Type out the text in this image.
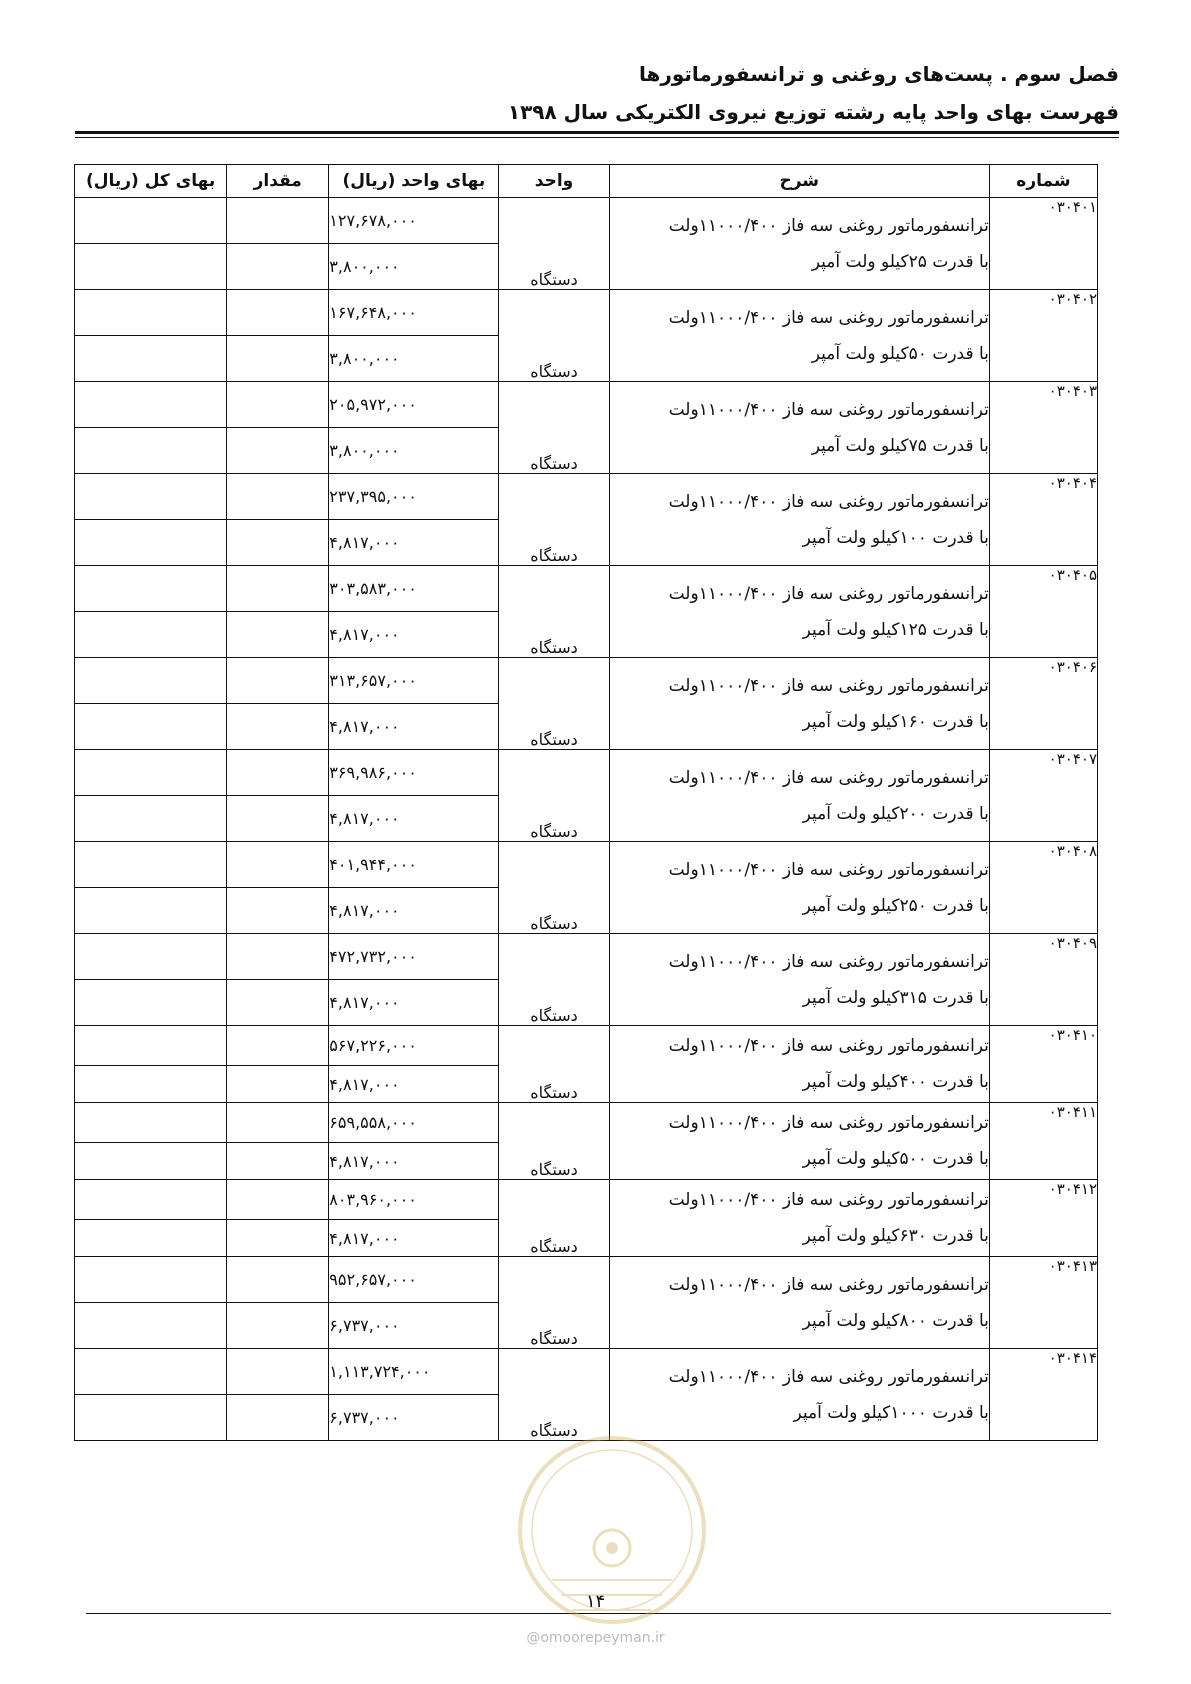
فصل سوم . پست‌های روغنی و ترانسفورماتورها
فهرست بهای واحد پایه رشته توزیع نیروی الکتریکی سال ۱۳۹۸
شماره	شرح	واحد	بهای واحد (ریال)	مقدار	بهای کل (ریال)
۰۳۰۴۰۱	ترانسفورماتور روغنی سه فاز ۱۱۰۰۰/۴۰۰ولت
با قدرت ۲۵کیلو ولت آمپر	دستگاه	۱۲۷,۶۷۸,۰۰۰		
			۳,۸۰۰,۰۰۰		
۰۳۰۴۰۲	ترانسفورماتور روغنی سه فاز ۱۱۰۰۰/۴۰۰ولت
با قدرت ۵۰کیلو ولت آمپر	دستگاه	۱۶۷,۶۴۸,۰۰۰		
			۳,۸۰۰,۰۰۰		
۰۳۰۴۰۳	ترانسفورماتور روغنی سه فاز ۱۱۰۰۰/۴۰۰ولت
با قدرت ۷۵کیلو ولت آمپر	دستگاه	۲۰۵,۹۷۲,۰۰۰		
			۳,۸۰۰,۰۰۰		
۰۳۰۴۰۴	ترانسفورماتور روغنی سه فاز ۱۱۰۰۰/۴۰۰ولت
با قدرت ۱۰۰کیلو ولت آمپر	دستگاه	۲۳۷,۳۹۵,۰۰۰		
			۴,۸۱۷,۰۰۰		
۰۳۰۴۰۵	ترانسفورماتور روغنی سه فاز ۱۱۰۰۰/۴۰۰ولت
با قدرت ۱۲۵کیلو ولت آمپر	دستگاه	۳۰۳,۵۸۳,۰۰۰		
			۴,۸۱۷,۰۰۰		
۰۳۰۴۰۶	ترانسفورماتور روغنی سه فاز ۱۱۰۰۰/۴۰۰ولت
با قدرت ۱۶۰کیلو ولت آمپر	دستگاه	۳۱۳,۶۵۷,۰۰۰		
			۴,۸۱۷,۰۰۰		
۰۳۰۴۰۷	ترانسفورماتور روغنی سه فاز ۱۱۰۰۰/۴۰۰ولت
با قدرت ۲۰۰کیلو ولت آمپر	دستگاه	۳۶۹,۹۸۶,۰۰۰		
			۴,۸۱۷,۰۰۰		
۰۳۰۴۰۸	ترانسفورماتور روغنی سه فاز ۱۱۰۰۰/۴۰۰ولت
با قدرت ۲۵۰کیلو ولت آمپر	دستگاه	۴۰۱,۹۴۴,۰۰۰		
			۴,۸۱۷,۰۰۰		
۰۳۰۴۰۹	ترانسفورماتور روغنی سه فاز ۱۱۰۰۰/۴۰۰ولت
با قدرت ۳۱۵کیلو ولت آمپر	دستگاه	۴۷۲,۷۳۲,۰۰۰		
			۴,۸۱۷,۰۰۰		
۰۳۰۴۱۰	ترانسفورماتور روغنی سه فاز ۱۱۰۰۰/۴۰۰ولت
با قدرت ۴۰۰کیلو ولت آمپر	دستگاه	۵۶۷,۲۲۶,۰۰۰		
			۴,۸۱۷,۰۰۰		
۰۳۰۴۱۱	ترانسفورماتور روغنی سه فاز ۱۱۰۰۰/۴۰۰ولت
با قدرت ۵۰۰کیلو ولت آمپر	دستگاه	۶۵۹,۵۵۸,۰۰۰		
			۴,۸۱۷,۰۰۰		
۰۳۰۴۱۲	ترانسفورماتور روغنی سه فاز ۱۱۰۰۰/۴۰۰ولت
با قدرت ۶۳۰کیلو ولت آمپر	دستگاه	۸۰۳,۹۶۰,۰۰۰		
			۴,۸۱۷,۰۰۰		
۰۳۰۴۱۳	ترانسفورماتور روغنی سه فاز ۱۱۰۰۰/۴۰۰ولت
با قدرت ۸۰۰کیلو ولت آمپر	دستگاه	۹۵۲,۶۵۷,۰۰۰		
			۶,۷۳۷,۰۰۰		
۰۳۰۴۱۴	ترانسفورماتور روغنی سه فاز ۱۱۰۰۰/۴۰۰ولت
با قدرت ۱۰۰۰کیلو ولت آمپر	دستگاه	۱,۱۱۳,۷۲۴,۰۰۰		
			۶,۷۳۷,۰۰۰		
۱۴
@omoorepeyman.ir
